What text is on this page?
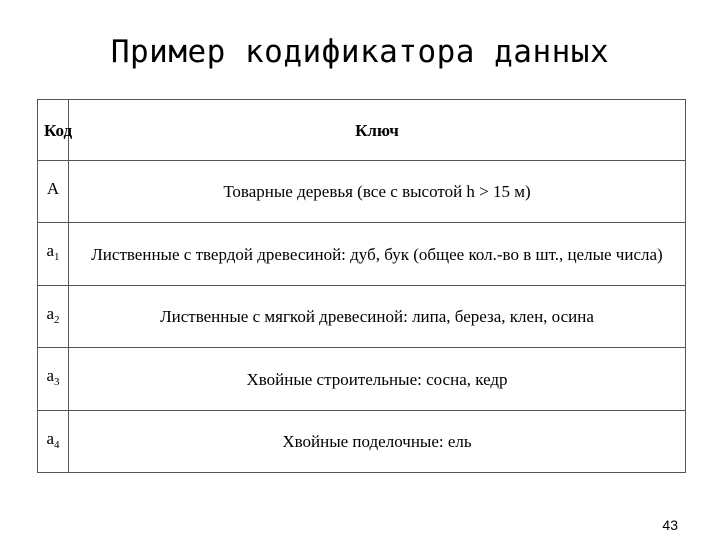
Пример кодификатора данных
Код	Ключ
A	Товарные деревья (все с высотой h > 15 м)
$a_1$	Лиственные с твердой древесиной: дуб, бук (общее кол.-во в шт., целые числа)
$a_2$	Лиственные с мягкой древесиной: липа, береза, клен, осина
$a_3$	Хвойные строительные: сосна, кедр
$a_4$	Хвойные поделочные: ель
43
